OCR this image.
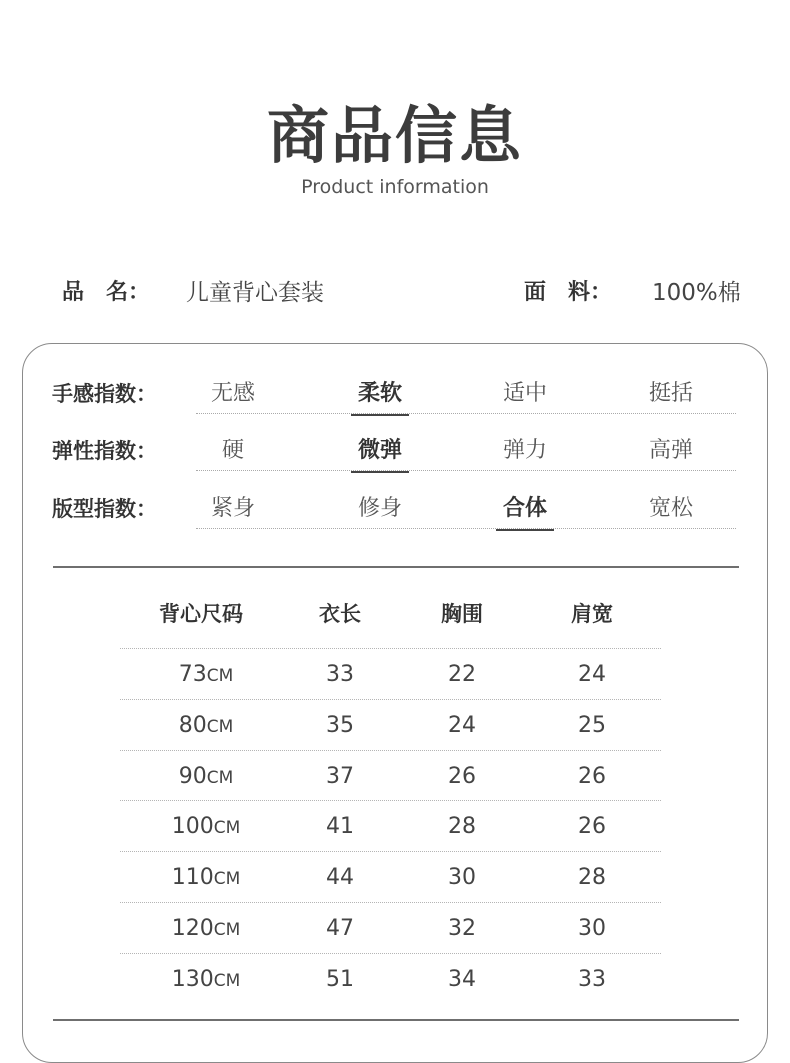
商品信息
Product information
品　名： 儿童背心套装	面　料： 100%棉
手感指数：	无感	柔软	适中	挺括
弹性指数：	硬	微弹	弹力	高弹
版型指数：	紧身	修身	合体	宽松
背心尺码	衣长	胸围	肩宽
73CM	33	22	24
80CM	35	24	25
90CM	37	26	26
100CM	41	28	26
110CM	44	30	28
120CM	47	32	30
130CM	51	34	33
